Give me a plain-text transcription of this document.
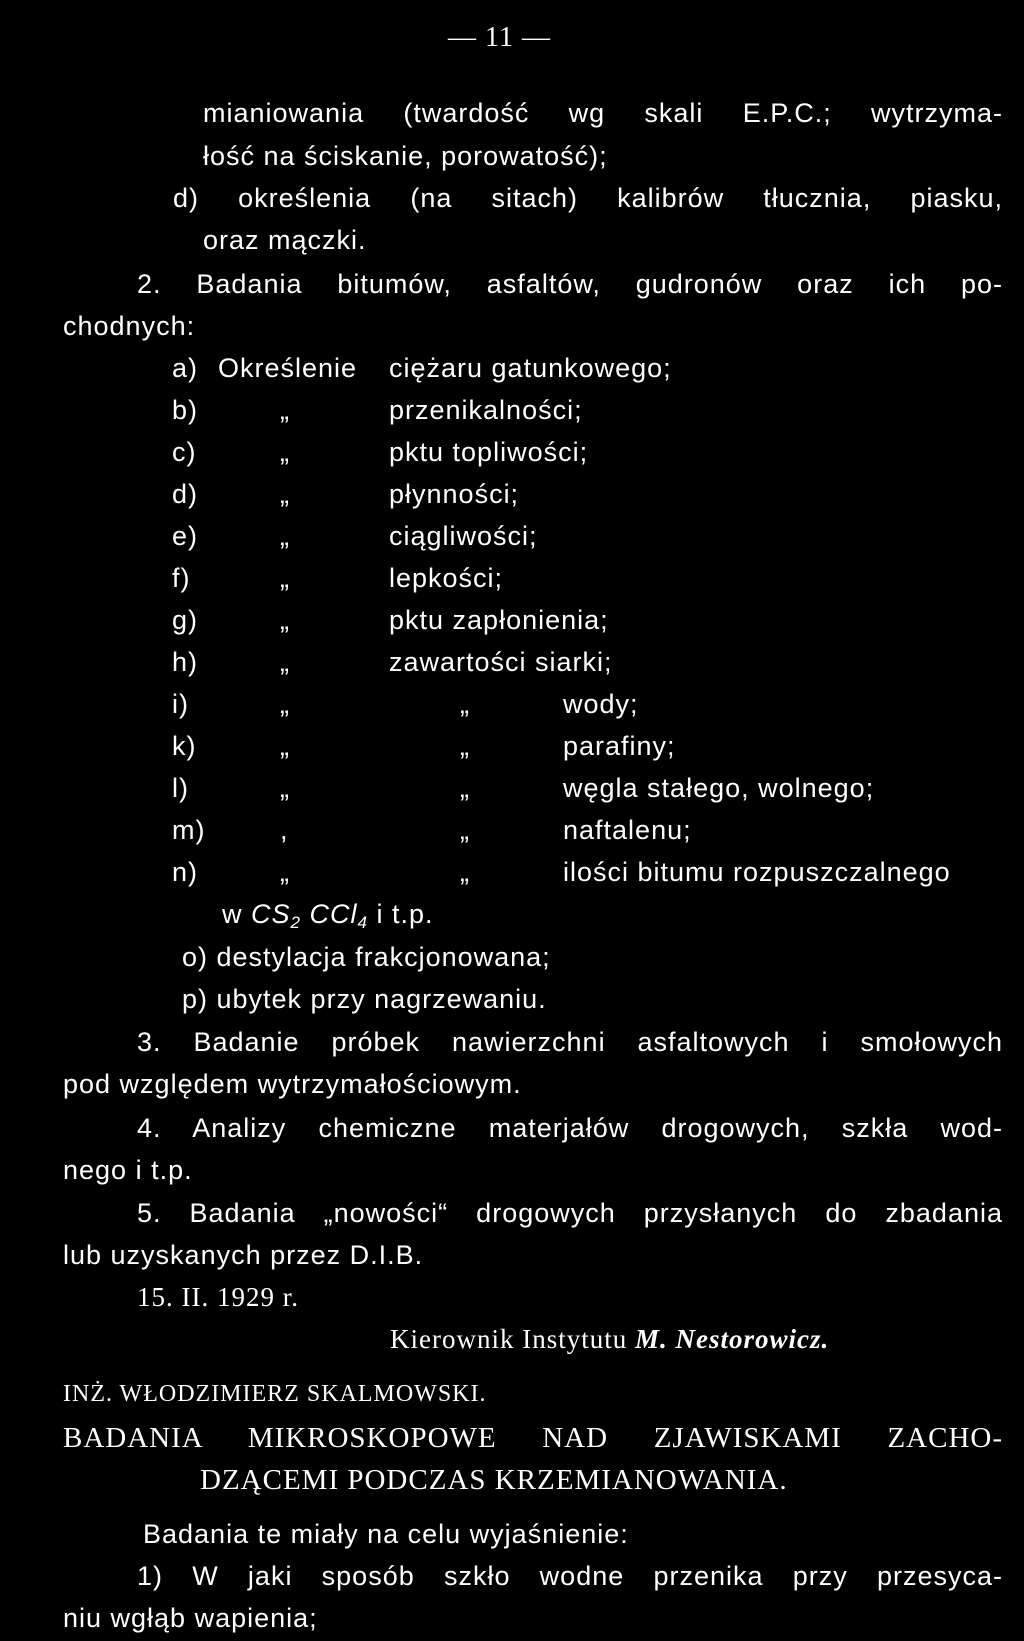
— 11 —
mianiowania (twardość wg skali E.P.C.; wytrzyma-
łość na ściskanie, porowatość);
d) określenia (na sitach) kalibrów tłucznia, piasku,
oraz mączki.
2. Badania bitumów, asfaltów, gudronów oraz ich po-
chodnych:
a) Określenie ciężaru gatunkowego;
b)	„	przenikalności;
c)	„	pktu topliwości;
d)	„	płynności;
e)	„	ciągliwości;
f)	„	lepkości;
g)	„	pktu zapłonienia;
h)	„	zawartości siarki;
i)	„	„	wody;
k)	„	„	parafiny;
l)	„	„	węgla stałego, wolnego;
m)	,	„	naftalenu;
n)	„	„	ilości bitumu rozpuszczalnego
w $CS_2$ CCl$_4$ i t.p.
o) destylacja frakcjonowana;
p) ubytek przy nagrzewaniu.
3. Badanie próbek nawierzchni asfaltowych i smołowych
pod względem wytrzymałościowym.
4. Analizy chemiczne materjałów drogowych, szkła wod-
nego i t.p.
5. Badania „nowości“ drogowych przysłanych do zbadania
lub uzyskanych przez D.I.B.
15. II. 1929 r.
Kierownik Instytutu M. Nestorowicz.
INŻ. WŁODZIMIERZ SKALMOWSKI.
BADANIA MIKROSKOPOWE NAD ZJAWISKAMI ZACHO-
DZĄCEMI PODCZAS KRZEMIANOWANIA.
Badania te miały na celu wyjaśnienie:
1) W jaki sposób szkło wodne przenika przy przesyca-
niu wgłąb wapienia;
